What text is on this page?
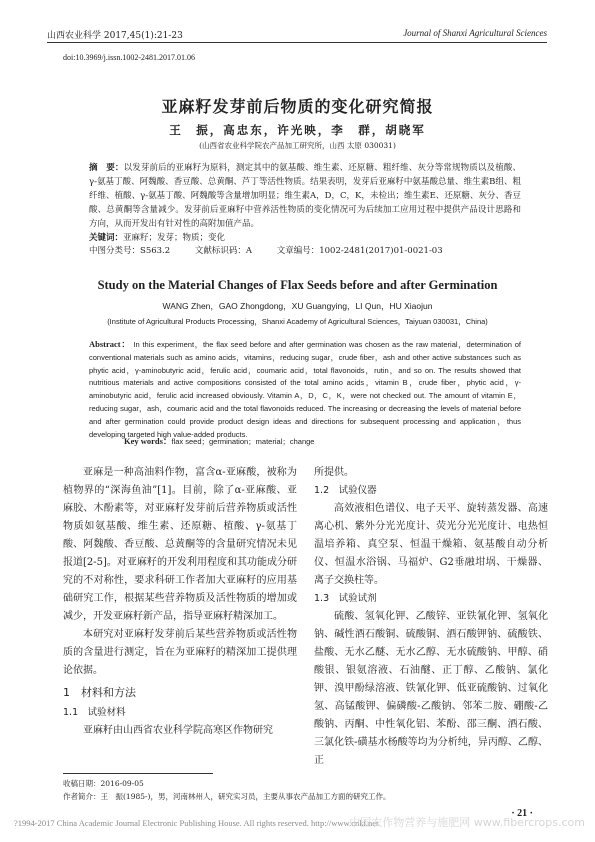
山西农业科学 2017,45(1):21-23	Journal of Shanxi Agricultural Sciences
doi:10.3969/j.issn.1002-2481.2017.01.06
亚麻籽发芽前后物质的变化研究简报
王　振，高忠东，许光映，李　群，胡晓军
(山西省农业科学院农产品加工研究所，山西 太原 030031)
摘　要：以发芽前后的亚麻籽为原料，测定其中的氨基酸、维生素、还原糖、粗纤维、灰分等常规物质以及植酸、γ-氨基丁酸、阿魏酸、香豆酸、总黄酮、芦丁等活性物质。结果表明，发芽后亚麻籽中氨基酸总量、维生素B组、粗纤维、植酸、γ-氨基丁酸、阿魏酸等含量增加明显；维生素A，D，C，K，未检出；维生素E、还原糖、灰分、香豆酸、总黄酮等含量减少。发芽前后亚麻籽中营养活性物质的变化情况可为后续加工应用过程中提供产品设计思路和方向，从而开发出有针对性的高附加值产品。
关键词：亚麻籽；发芽；物质；变化
中图分类号：S563.2	文献标识码：A	文章编号：1002-2481(2017)01-0021-03
Study on the Material Changes of Flax Seeds before and after Germination
WANG Zhen，GAO Zhongdong，XU Guangying，LI Qun，HU Xiaojun
(Institute of Agricultural Products Processing，Shanxi Academy of Agricultural Sciences，Taiyuan 030031，China)
Abstract： In this experiment，the flax seed before and after germination was chosen as the raw material，determination of conventional materials such as amino acids，vitamins，reducing sugar，crude fiber，ash and other active substances such as phytic acid，γ-aminobutyric acid，ferulic acid，coumaric acid，total flavonoids，rutin，and so on. The results showed that nutritious materials and active compositions consisted of the total amino acids，vitamin B，crude fiber，phytic acid，γ-aminobutyric acid，ferulic acid increased obviously. Vitamin A，D，C，K，were not checked out. The amount of vitamin E，reducing sugar，ash，coumaric acid and the total flavonoids reduced. The increasing or decreasing the levels of material before and after germination could provide product design ideas and directions for subsequent processing and application，thus developing targeted high value-added products.
Key words：flax seed；germination；material；change

亚麻是一种高油料作物，富含α-亚麻酸，被称为植物界的“深海鱼油”[1]。目前，除了α-亚麻酸、亚麻胶、木酚素等，对亚麻籽发芽前后营养物质或活性物质如氨基酸、维生素、还原糖、植酸、γ-氨基丁酸、阿魏酸、香豆酸、总黄酮等的含量研究情况未见报道[2-5]。对亚麻籽的开发利用程度和其功能成分研究的不对称性，要求科研工作者加大亚麻籽的应用基础研究工作，根据某些营养物质及活性物质的增加或减少，开发亚麻籽新产品，指导亚麻籽精深加工。

本研究对亚麻籽发芽前后某些营养物质或活性物质的含量进行测定，旨在为亚麻籽的精深加工提供理论依据。

1　材料和方法

1.1　试验材料

亚麻籽由山西省农业科学院高寒区作物研究

所提供。

1.2　试验仪器

高效液相色谱仪、电子天平、旋转蒸发器、高速离心机、紫外分光光度计、荧光分光光度计、电热恒温培养箱、真空泵、恒温干燥箱、氨基酸自动分析仪、恒温水浴锅、马福炉、G2垂融坩埚、干燥器、离子交换柱等。

1.3　试验试剂

硫酸、氢氧化钾、乙酸锌、亚铁氰化钾、氢氧化钠、碱性酒石酸铜、硫酸铜、酒石酸钾钠、硫酸铁、盐酸、无水乙醚、无水乙醇、无水硫酸钠、甲醇、硝酸银、银氨溶液、石油醚、正丁醇、乙酸钠、氯化钾、溴甲酚绿溶液、铁氰化钾、低亚硫酸钠、过氧化氢、高锰酸钾、偏磷酸-乙酸钠、邻苯二胺、硼酸-乙酸钠、丙酮、中性氧化铝、苯酚、邵三酮、酒石酸、三氯化铁-磺基水杨酸等均为分析纯，异丙醇、乙醇、正

收稿日期：2016-09-05
作者简介：王　振(1985-)，男，河南林州人，研究实习员，主要从事农产品加工方面的研究工作。
· 21 ·
?1994-2017 China Academic Journal Electronic Publishing House. All rights reserved. http://www.cnki.net
中国农作物营养与施肥网 www.fibercrops.com
